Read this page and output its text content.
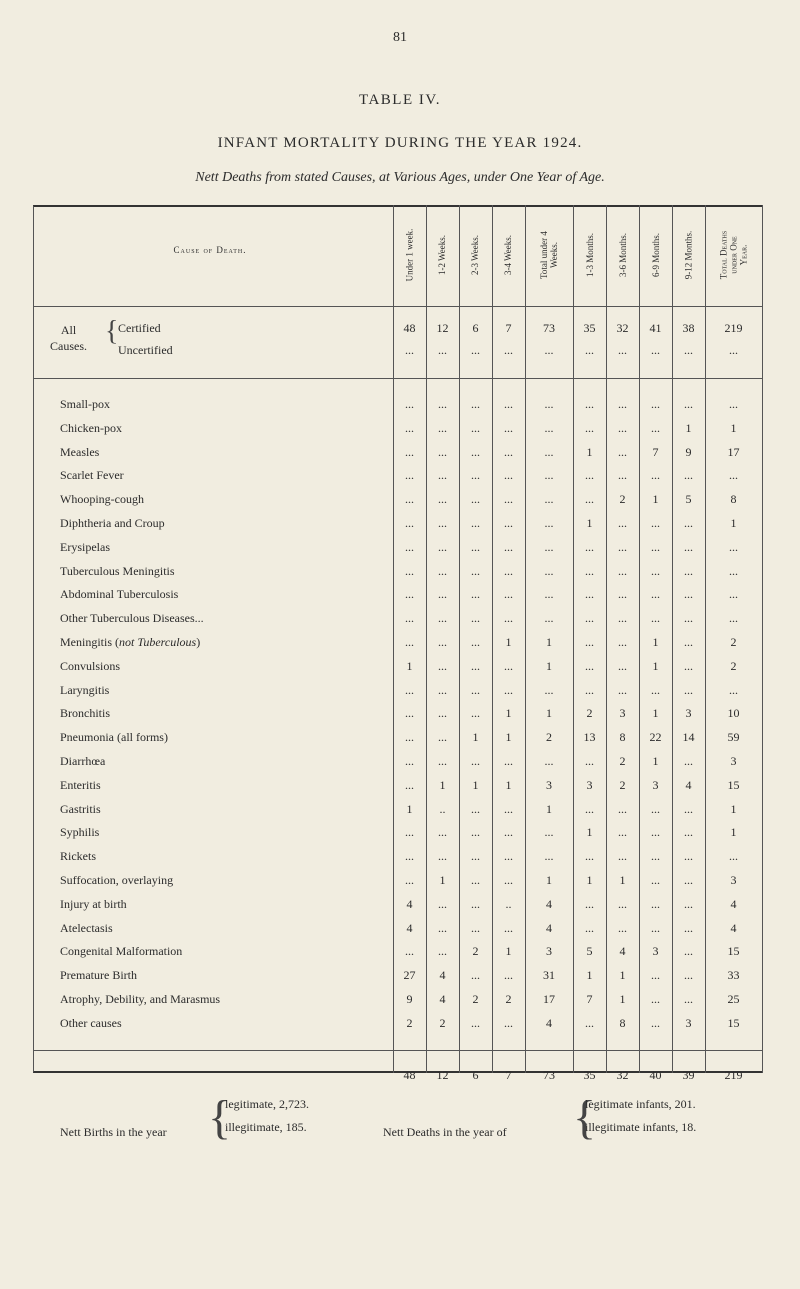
81
TABLE IV.
INFANT MORTALITY DURING THE YEAR 1924.
Nett Deaths from stated Causes, at Various Ages, under One Year of Age.
Cause of Death.	Under 1 week.	1-2 Weeks.	2-3 Weeks.	3-4 Weeks.	Total under 4 Weeks.	1-3 Months.	3-6 Months.	6-9 Months.	9-12 Months.	Total Deaths under One Year.
All
Causes. { Certified	48	12	6	7	73	35	32	41	38	219
Uncertified	...	...	...	...	...	...	...	...	...	...
Small-pox	...	...	...	...	...	...	...	...	...	...
Chicken-pox	...	...	...	...	...	...	...	...	1	1
Measles	...	...	...	...	...	1	...	7	9	17
Scarlet Fever	...	...	...	...	...	...	...	...	...	...
Whooping-cough	...	...	...	...	...	...	2	1	5	8
Diphtheria and Croup	...	...	...	...	...	1	...	...	...	1
Erysipelas	...	...	...	...	...	...	...	...	...	...
Tuberculous Meningitis	...	...	...	...	...	...	...	...	...	...
Abdominal Tuberculosis	...	...	...	...	...	...	...	...	...	...
Other Tuberculous Diseases...	...	...	...	...	...	...	...	...	...	...
Meningitis (not Tuberculous)	...	...	...	1	1	...	...	1	...	2
Convulsions	1	...	...	...	1	...	...	1	...	2
Laryngitis	...	...	...	...	...	...	...	...	...	...
Bronchitis	...	...	...	1	1	2	3	1	3	10
Pneumonia (all forms)	...	...	1	1	2	13	8	22	14	59
Diarrhœa	...	...	...	...	...	...	2	1	...	3
Enteritis	...	1	1	1	3	3	2	3	4	15
Gastritis	1	..	...	...	1	...	...	...	...	1
Syphilis	...	...	...	...	...	1	...	...	...	1
Rickets	...	...	...	...	...	...	...	...	...	...
Suffocation, overlaying	...	1	...	...	1	1	1	...	...	3
Injury at birth	4	...	...	..	4	...	...	...	...	4
Atelectasis	4	...	...	...	4	...	...	...	...	4
Congenital Malformation	...	...	2	1	3	5	4	3	...	15
Premature Birth	27	4	...	...	31	1	1	...	...	33
Atrophy, Debility, and Marasmus	9	4	2	2	17	7	1	...	...	25
Other causes	2	2	...	...	4	...	8	...	3	15
48	12	6	7	73	35	32	40	39	219
Nett Births in the year {
legitimate, 2,723.
illegitimate, 185.	Nett Deaths in the year of {
legitimate infants, 201.
illegitimate infants, 18.
